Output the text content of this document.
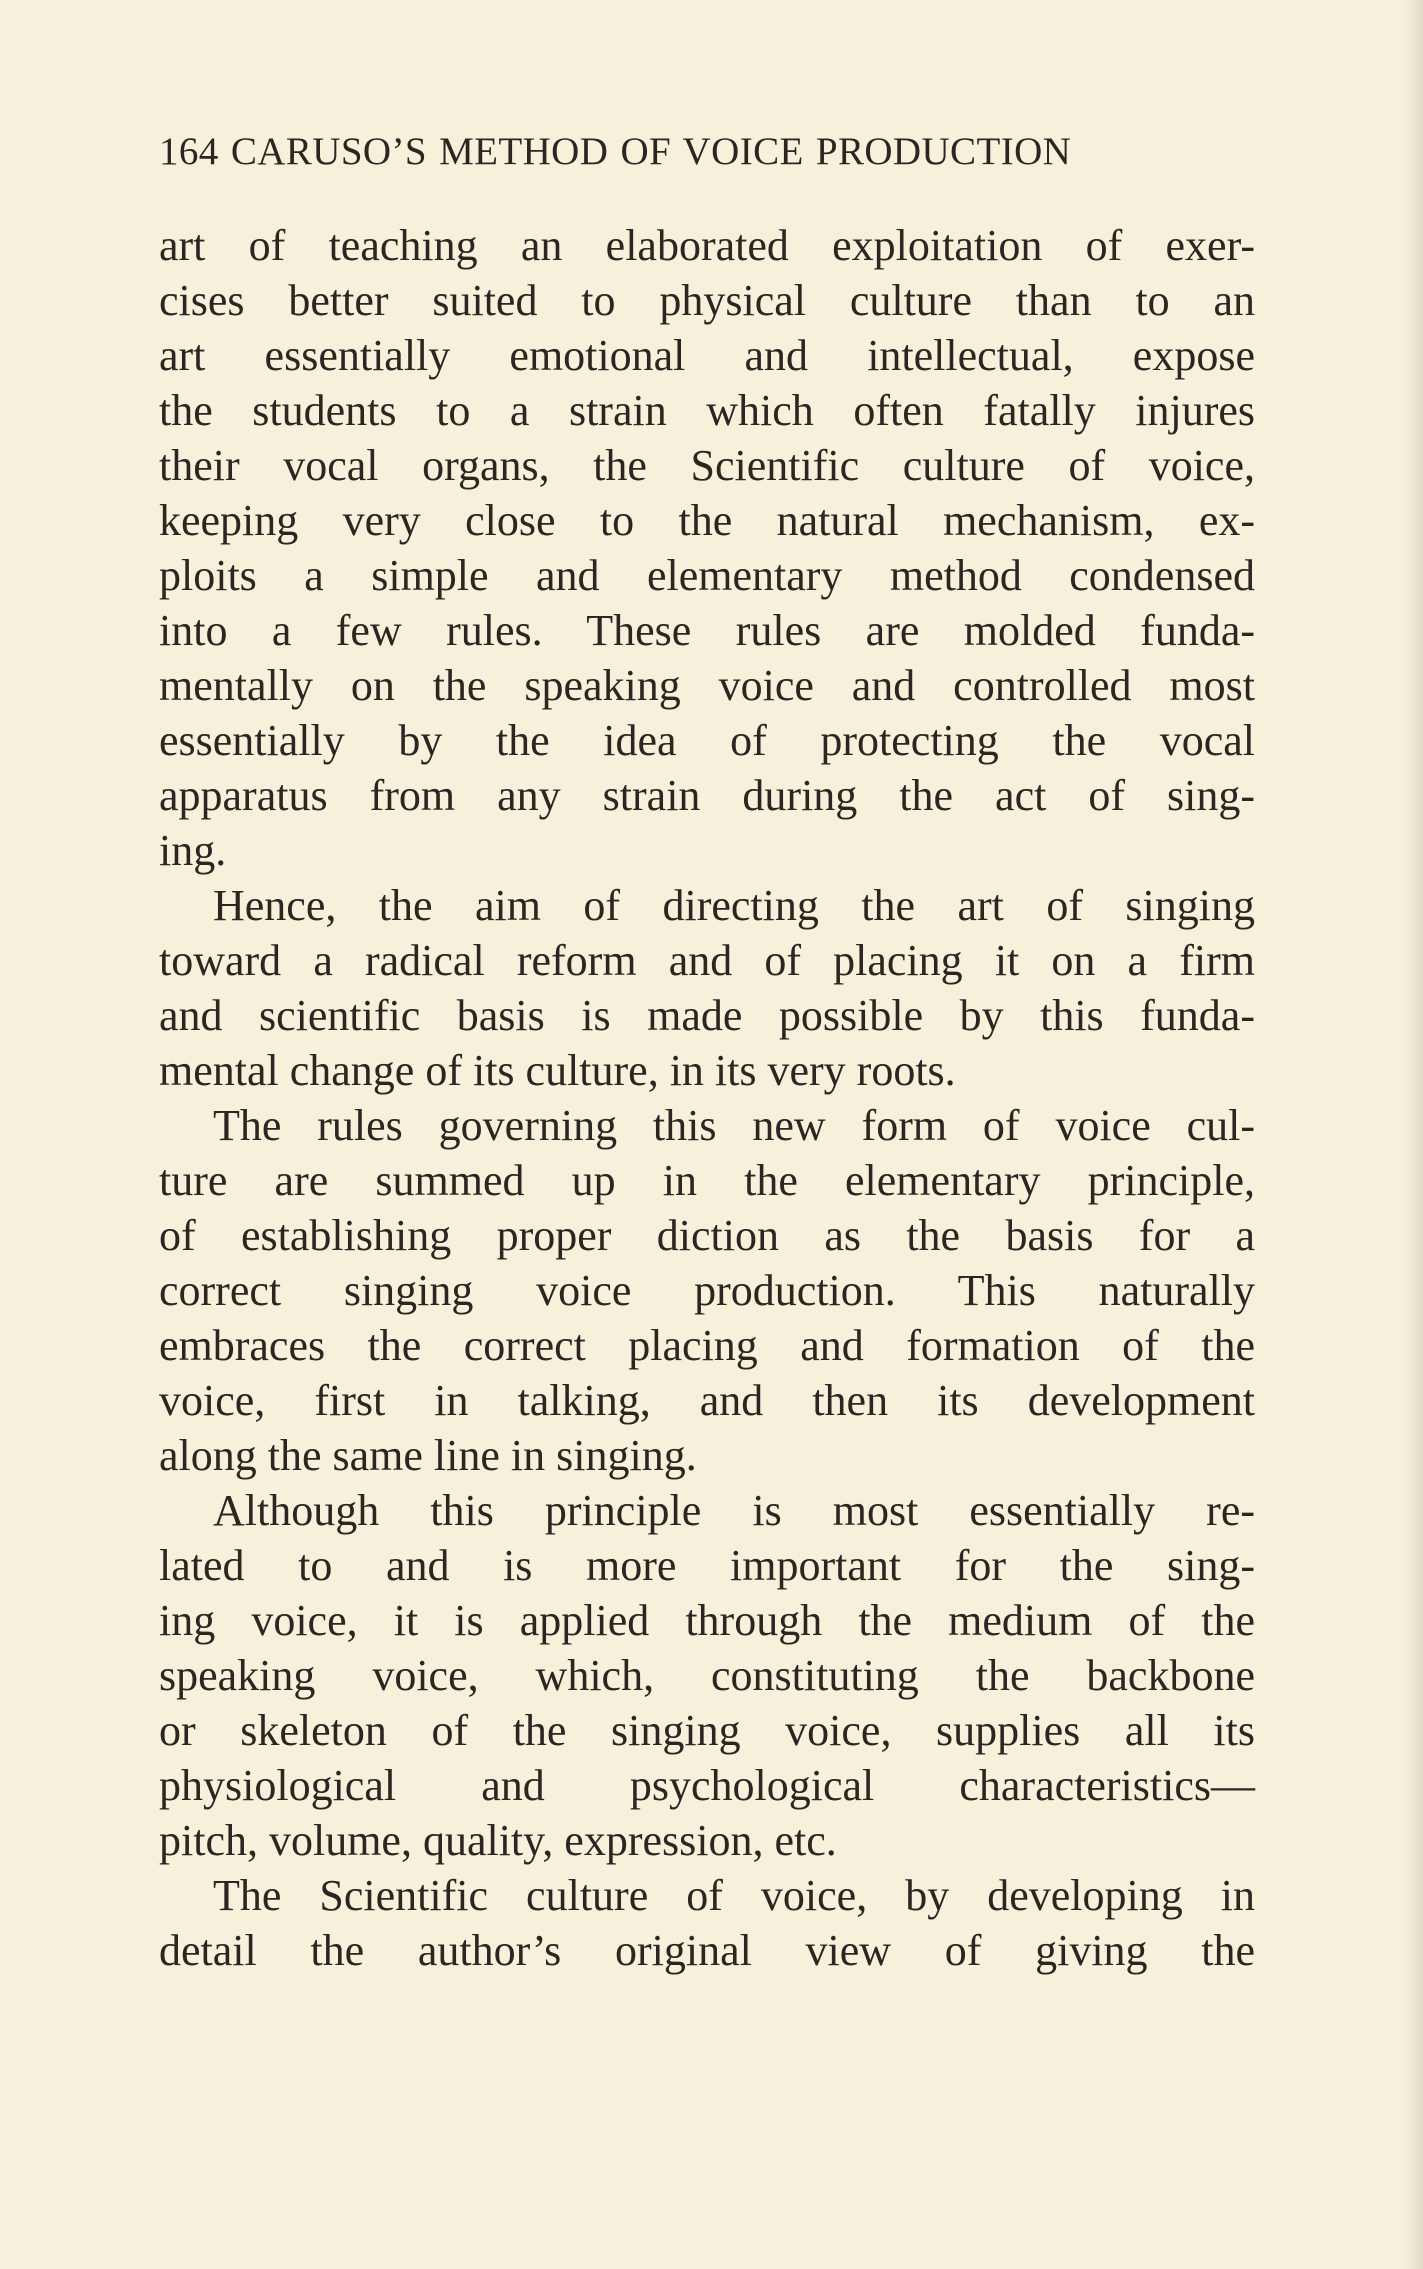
164 CARUSO’S METHOD OF VOICE PRODUCTION
art of teaching an elaborated exploitation of exer-
cises better suited to physical culture than to an
art essentially emotional and intellectual, expose
the students to a strain which often fatally injures
their vocal organs, the Scientific culture of voice,
keeping very close to the natural mechanism, ex-
ploits a simple and elementary method condensed
into a few rules. These rules are molded funda-
mentally on the speaking voice and controlled most
essentially by the idea of protecting the vocal
apparatus from any strain during the act of sing-
ing.
Hence, the aim of directing the art of singing
toward a radical reform and of placing it on a firm
and scientific basis is made possible by this funda-
mental change of its culture, in its very roots.
The rules governing this new form of voice cul-
ture are summed up in the elementary principle,
of establishing proper diction as the basis for a
correct singing voice production. This naturally
embraces the correct placing and formation of the
voice, first in talking, and then its development
along the same line in singing.
Although this principle is most essentially re-
lated to and is more important for the sing-
ing voice, it is applied through the medium of the
speaking voice, which, constituting the backbone
or skeleton of the singing voice, supplies all its
physiological and psychological characteristics—
pitch, volume, quality, expression, etc.
The Scientific culture of voice, by developing in
detail the author’s original view of giving the
